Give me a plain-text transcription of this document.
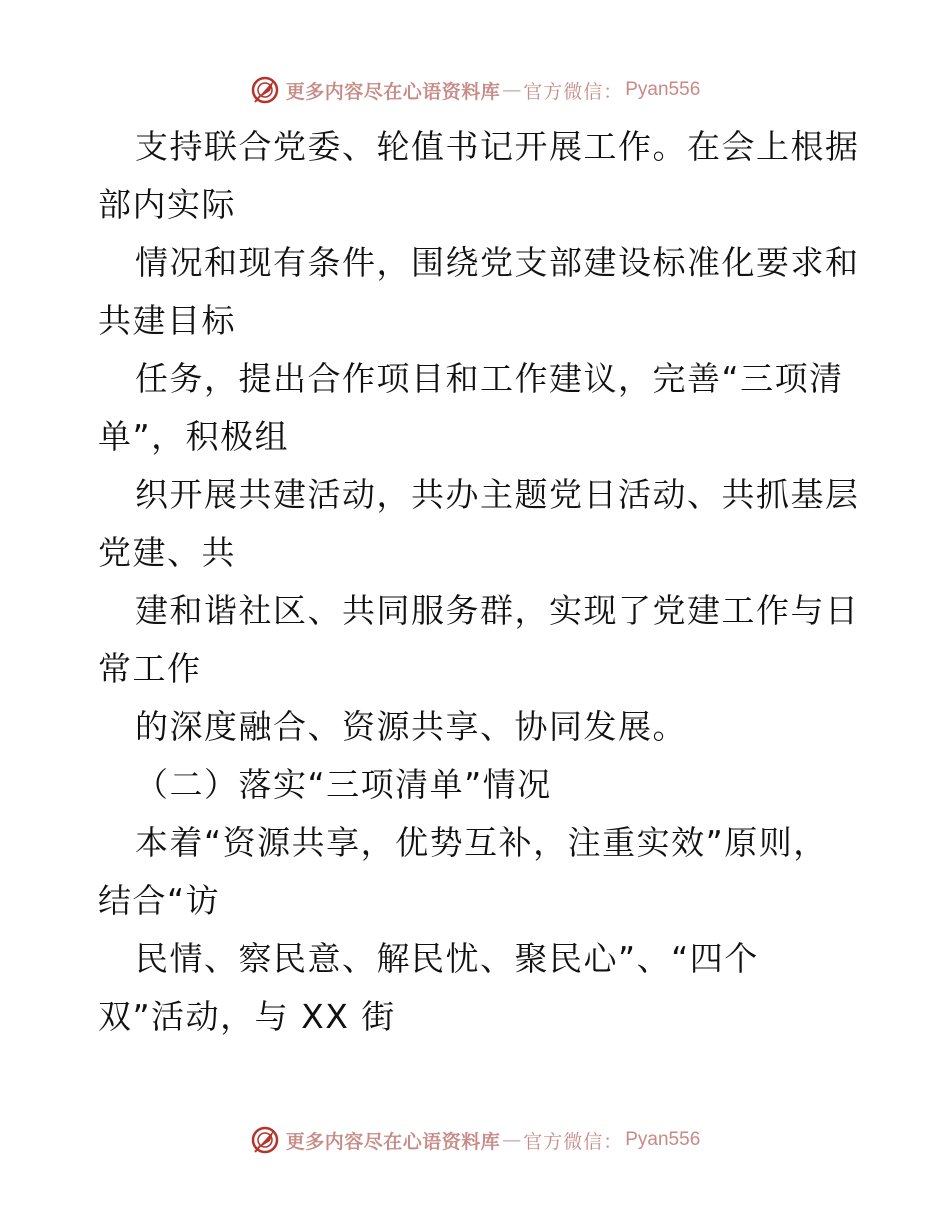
更多内容尽在心语资料库 — 官方微信： Pyan556
支持联合党委、轮值书记开展工作。在会上根据
部内实际
情况和现有条件，围绕党支部建设标准化要求和
共建目标
任务，提出合作项目和工作建议，完善“三项清
单”，积极组
织开展共建活动，共办主题党日活动、共抓基层
党建、共
建和谐社区、共同服务群，实现了党建工作与日
常工作
的深度融合、资源共享、协同发展。
（二）落实“三项清单”情况
本着“资源共享，优势互补，注重实效”原则，
结合“访
民情、察民意、解民忧、聚民心”、“四个
双”活动，与 XX 街
更多内容尽在心语资料库 — 官方微信： Pyan556
